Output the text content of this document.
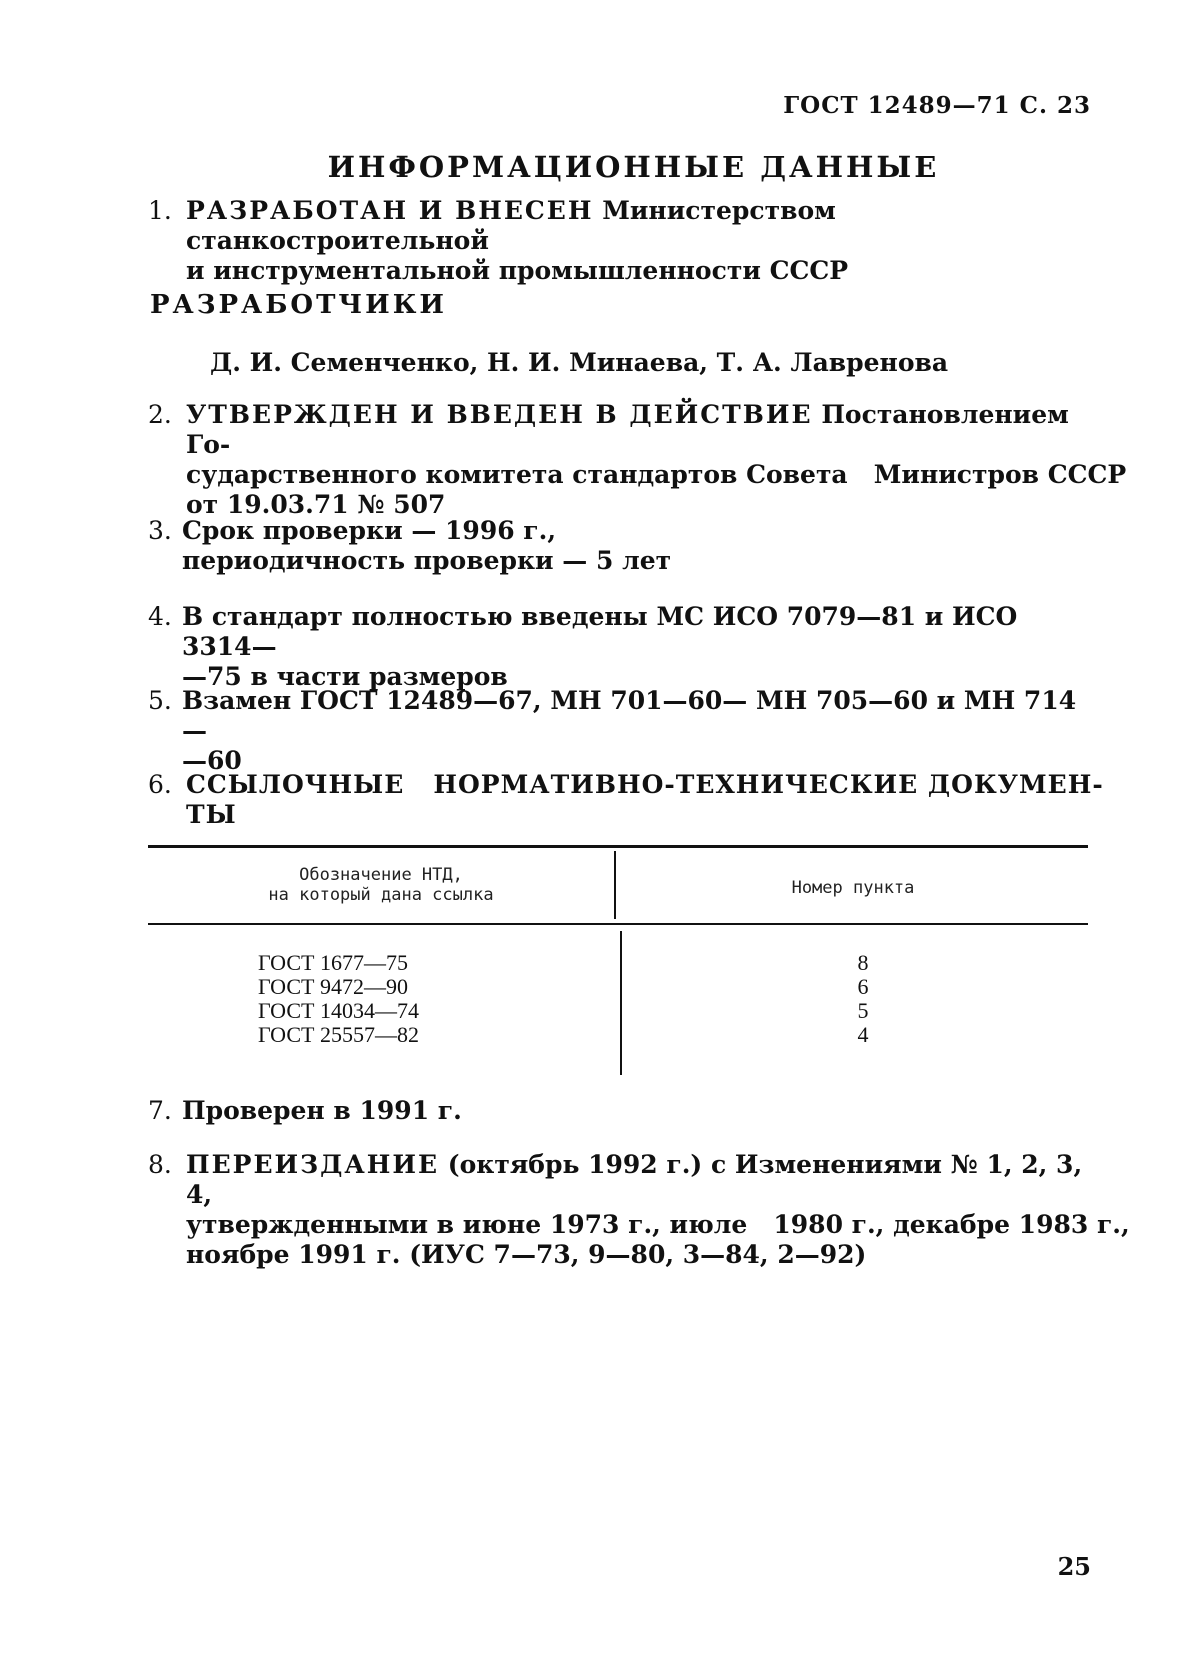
ГОСТ 12489—71 С. 23
ИНФОРМАЦИОННЫЕ ДАННЫЕ
1. РАЗРАБОТАН И ВНЕСЕН Министерством станкостроительной
и инструментальной промышленности СССР
РАЗРАБОТЧИКИ
Д. И. Семенченко, Н. И. Минаева, Т. А. Лавренова
2. УТВЕРЖДЕН И ВВЕДЕН В ДЕЙСТВИЕ Постановлением Го-
сударственного комитета стандартов Совета   Министров СССР
от 19.03.71 № 507
3. Срок проверки — 1996 г.,
периодичность проверки — 5 лет
4. В стандарт полностью введены МС ИСО 7079—81 и ИСО 3314—
—75 в части размеров
5. Взамен ГОСТ 12489—67, МН 701—60— МН 705—60 и МН 714—
—60
6. ССЫЛОЧНЫЕ   НОРМАТИВНО-ТЕХНИЧЕСКИЕ ДОКУМЕН-
ТЫ
Обозначение НТД,
на который дана ссылка	Номер пункта
ГОСТ 1677—75
ГОСТ 9472—90
ГОСТ 14034—74
ГОСТ 25557—82
8
6
5
4
7. Проверен в 1991 г.
8. ПЕРЕИЗДАНИЕ (октябрь 1992 г.) с Изменениями № 1, 2, 3, 4,
утвержденными в июне 1973 г., июле   1980 г., декабре 1983 г.,
ноябре 1991 г. (ИУС 7—73, 9—80, 3—84, 2—92)
25
